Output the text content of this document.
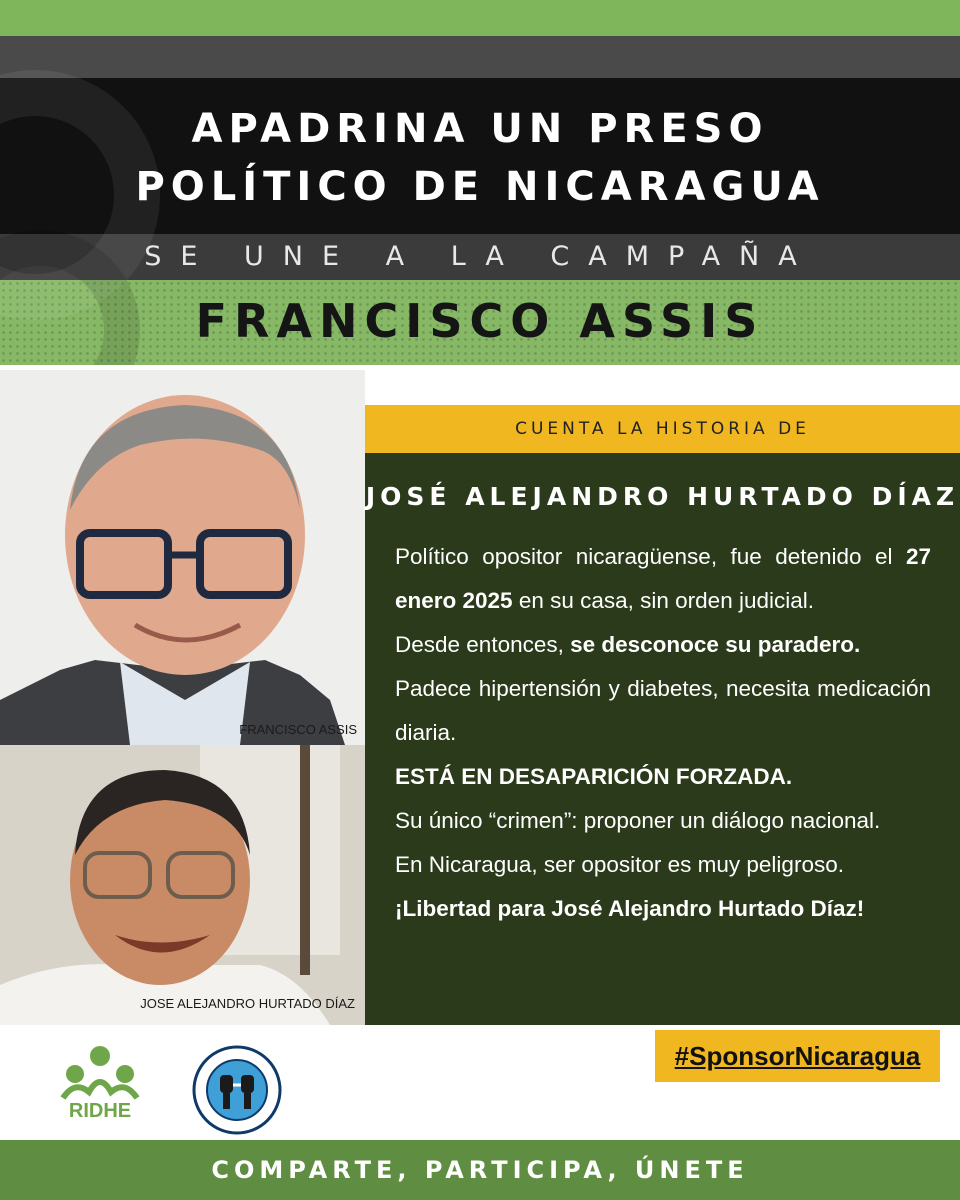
APADRINA UN PRESO
POLÍTICO DE NICARAGUA
SE UNE A LA CAMPAÑA
FRANCISCO ASSIS
FRANCISCO ASSIS
JOSE ALEJANDRO HURTADO DÍAZ
CUENTA LA HISTORIA DE
JOSÉ ALEJANDRO HURTADO DÍAZ

Político opositor nicaragüense, fue detenido el 27 enero 2025 en su casa, sin orden judicial.

Desde entonces, se desconoce su paradero.

Padece hipertensión y diabetes, necesita medicación diaria.

ESTÁ EN DESAPARICIÓN FORZADA.

Su único “crimen”: proponer un diálogo nacional.

En Nicaragua, ser opositor es muy peligroso.

¡Libertad para José Alejandro Hurtado Díaz!

#SponsorNicaragua
RIDHE
COMPARTE, PARTICIPA, ÚNETE
